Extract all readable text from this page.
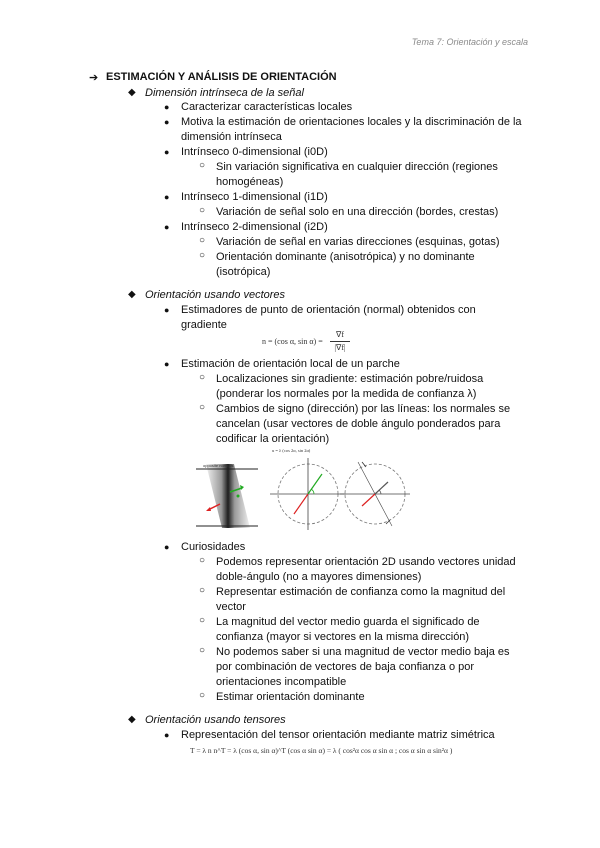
Tema 7: Orientación y escala
➔ ESTIMACIÓN Y ANÁLISIS DE ORIENTACIÓN
◆ Dimensión intrínseca de la señal
● Caracterizar características locales
● Motiva la estimación de orientaciones locales y la discriminación de la
dimensión intrínseca
● Intrínseco 0-dimensional (i0D)
○ Sin variación significativa en cualquier dirección (regiones
homogéneas)
● Intrínseco 1-dimensional (i1D)
○ Variación de señal solo en una dirección (bordes, crestas)
● Intrínseco 2-dimensional (i2D)
○ Variación de señal en varias direcciones (esquinas, gotas)
○ Orientación dominante (anisotrópica) y no dominante
(isotrópica)
◆ Orientación usando vectores
● Estimadores de punto de orientación (normal) obtenidos con
gradiente
n = (cos α, sin α) =
∇f
|∇f|
● Estimación de orientación local de un parche
○ Localizaciones sin gradiente: estimación pobre/ruidosa
(ponderar los normales por la medida de confianza λ)
○ Cambios de signo (dirección) por las líneas: los normales se
cancelan (usar vectores de doble ángulo ponderados para
codificar la orientación)
opposite normals
u = λ (cos 2α, sin 2α)
● Curiosidades
○ Podemos representar orientación 2D usando vectores unidad
doble-ángulo (no a mayores dimensiones)
○ Representar estimación de confianza como la magnitud del
vector
○ La magnitud del vector medio guarda el significado de
confianza (mayor si vectores en la misma dirección)
○ No podemos saber si una magnitud de vector medio baja es
por combinación de vectores de baja confianza o por
orientaciones incompatible
○ Estimar orientación dominante
◆ Orientación usando tensores
● Representación del tensor orientación mediante matriz simétrica
T = λ n n^T = λ (cos α, sin α)^T (cos α sin α) = λ ( cos²α cos α sin α ; cos α sin α sin²α )
